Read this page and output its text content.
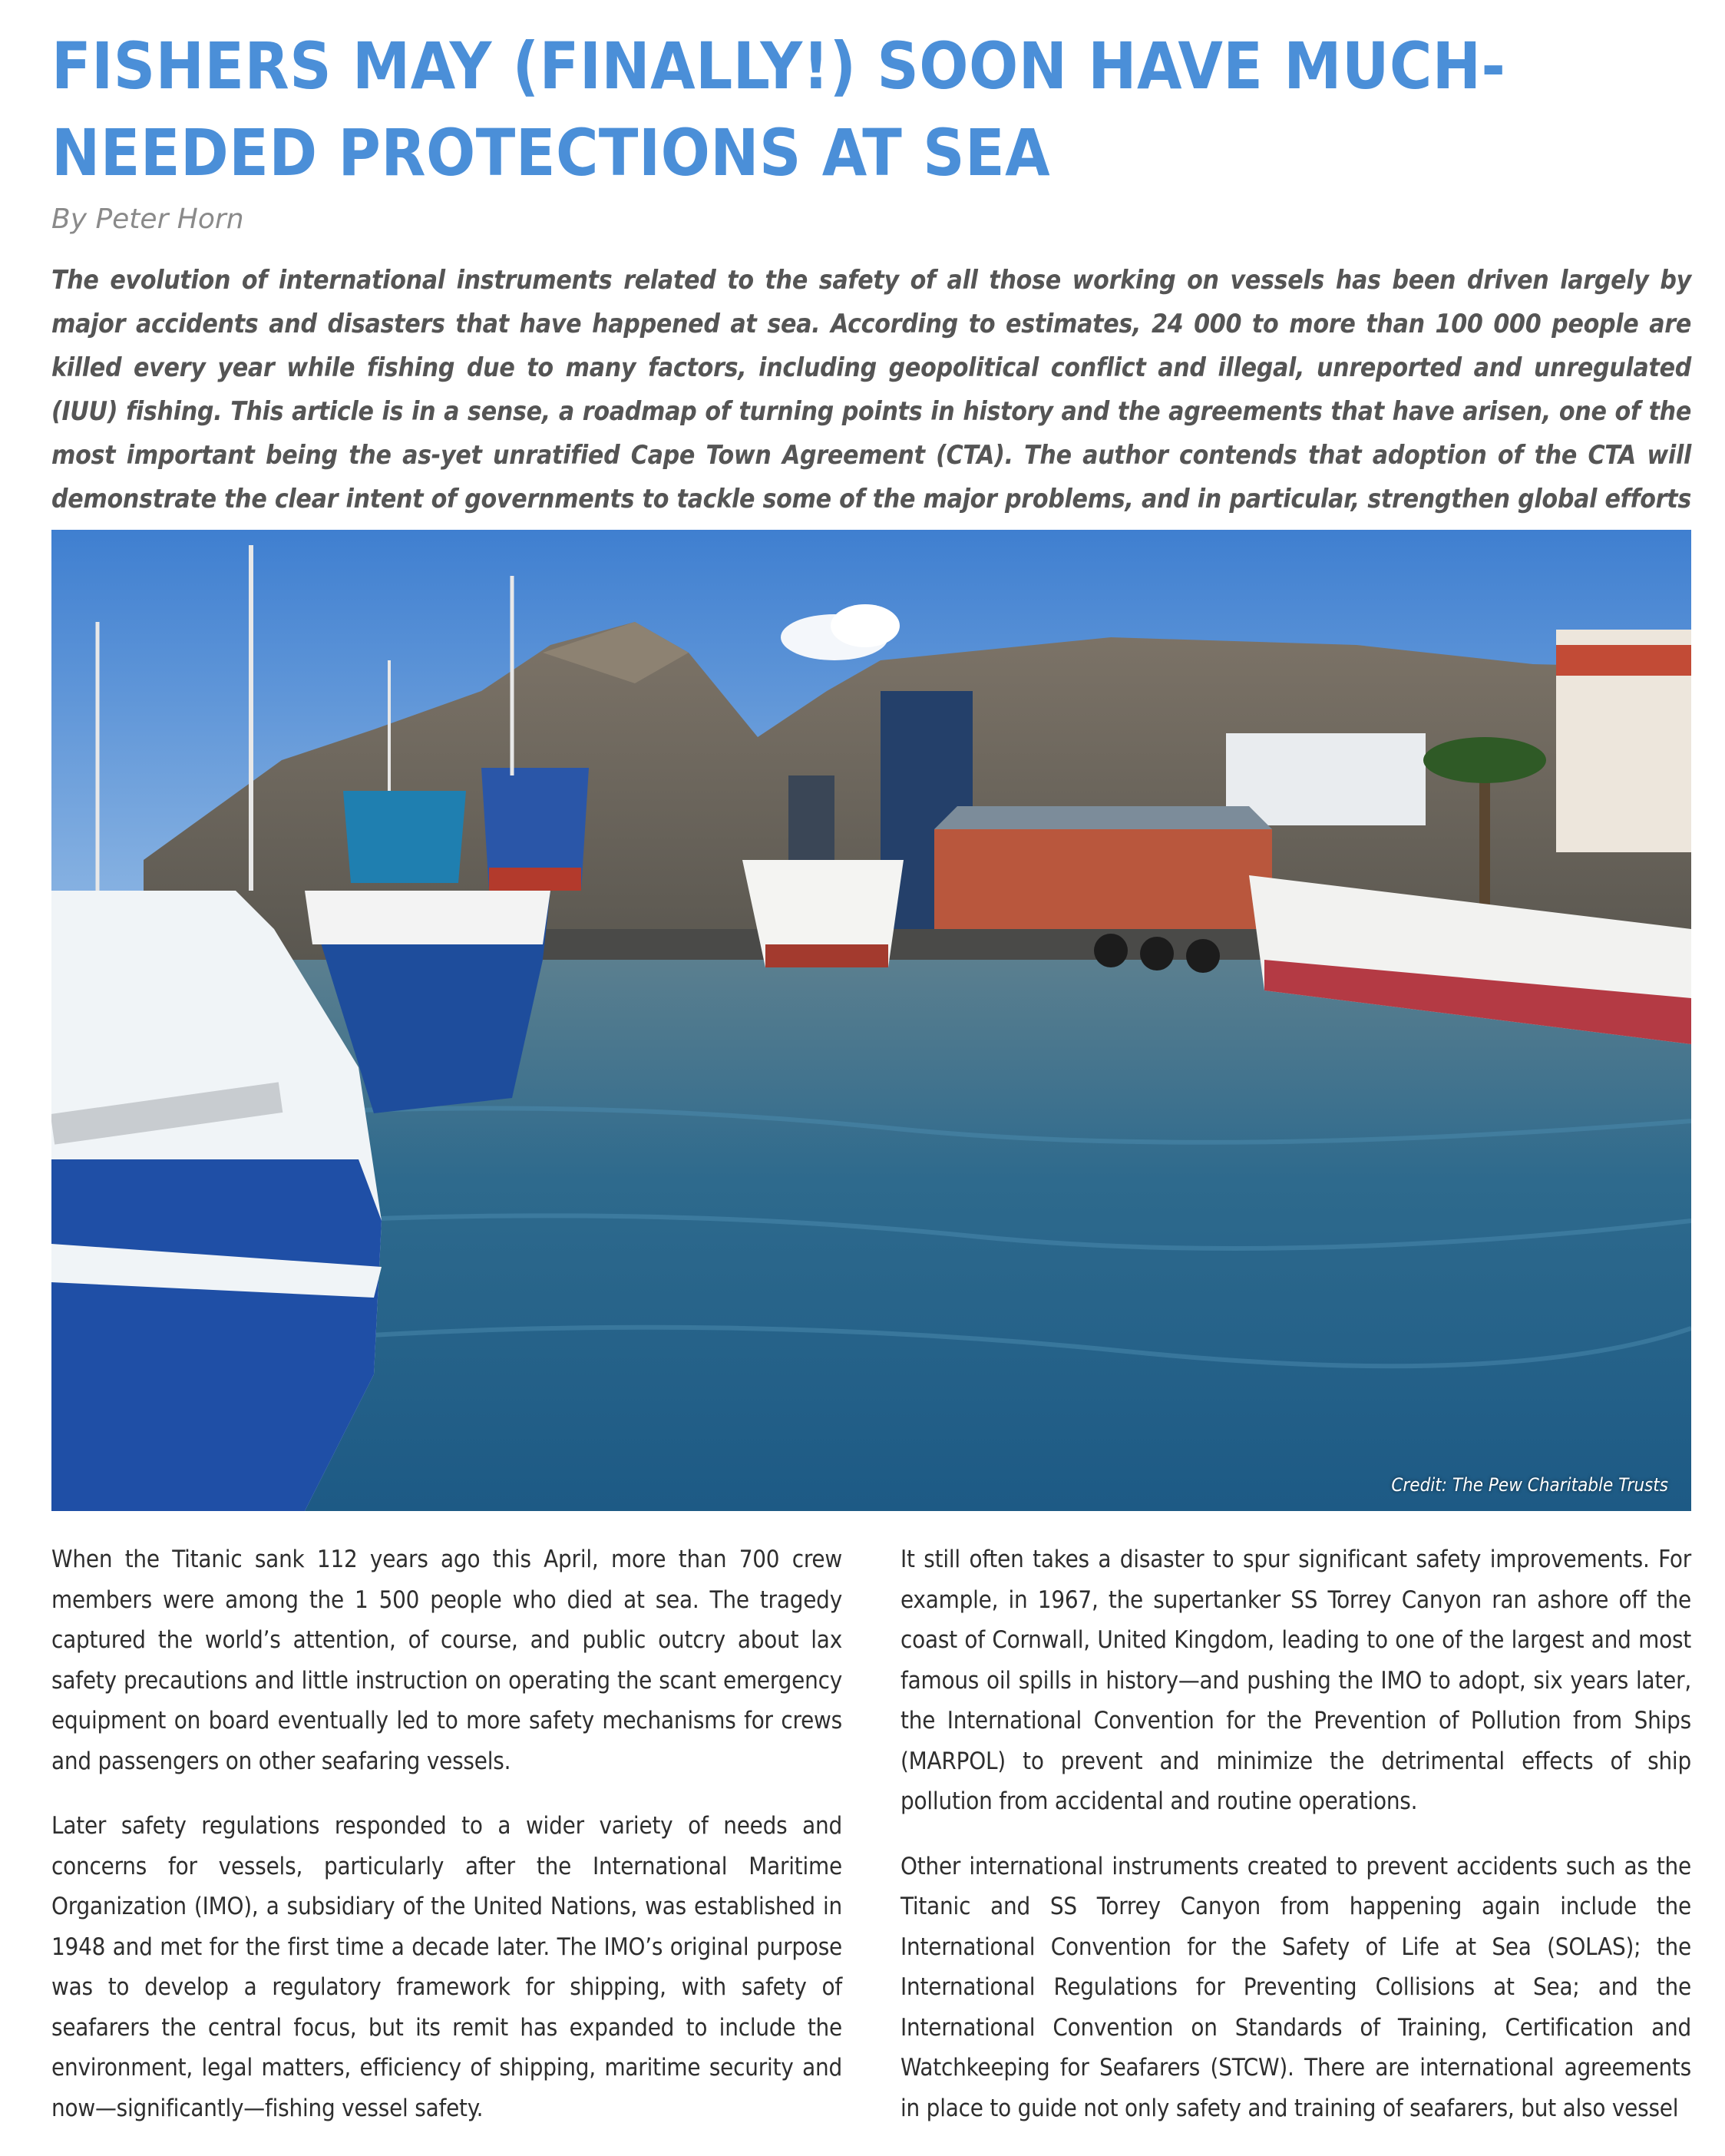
FISHERS MAY (FINALLY!) SOON HAVE MUCH-NEEDED PROTECTIONS AT SEA
By Peter Horn
The evolution of international instruments related to the safety of all those working on vessels has been driven largely by major accidents and disasters that have happened at sea. According to estimates, 24 000 to more than 100 000 people are killed every year while fishing due to many factors, including geopolitical conflict and illegal, unreported and unregulated (IUU) fishing. This article is in a sense, a roadmap of turning points in history and the agreements that have arisen, one of the most important being the as-yet unratified Cape Town Agreement (CTA). The author contends that adoption of the CTA will demonstrate the clear intent of governments to tackle some of the major problems, and in particular, strengthen global efforts
Credit: The Pew Charitable Trusts

When the Titanic sank 112 years ago this April, more than 700 crew members were among the 1 500 people who died at sea. The tragedy captured the world’s attention, of course, and public outcry about lax safety precautions and little instruction on operating the scant emergency equipment on board eventually led to more safety mechanisms for crews and passengers on other seafaring vessels.

Later safety regulations responded to a wider variety of needs and concerns for vessels, particularly after the International Maritime Organization (IMO), a subsidiary of the United Nations, was established in 1948 and met for the first time a decade later. The IMO’s original purpose was to develop a regulatory framework for shipping, with safety of seafarers the central focus, but its remit has expanded to include the environment, legal matters, efficiency of shipping, maritime security and now—significantly—fishing vessel safety.

It still often takes a disaster to spur significant safety improvements. For example, in 1967, the supertanker SS Torrey Canyon ran ashore off the coast of Cornwall, United Kingdom, leading to one of the largest and most famous oil spills in history—and pushing the IMO to adopt, six years later, the International Convention for the Prevention of Pollution from Ships (MARPOL) to prevent and minimize the detrimental effects of ship pollution from accidental and routine operations.

Other international instruments created to prevent accidents such as the Titanic and SS Torrey Canyon from happening again include the International Convention for the Safety of Life at Sea (SOLAS); the International Regulations for Preventing Collisions at Sea; and the International Convention on Standards of Training, Certification and Watchkeeping for Seafarers (STCW). There are international agreements in place to guide not only safety and training of seafarers, but also vessel
